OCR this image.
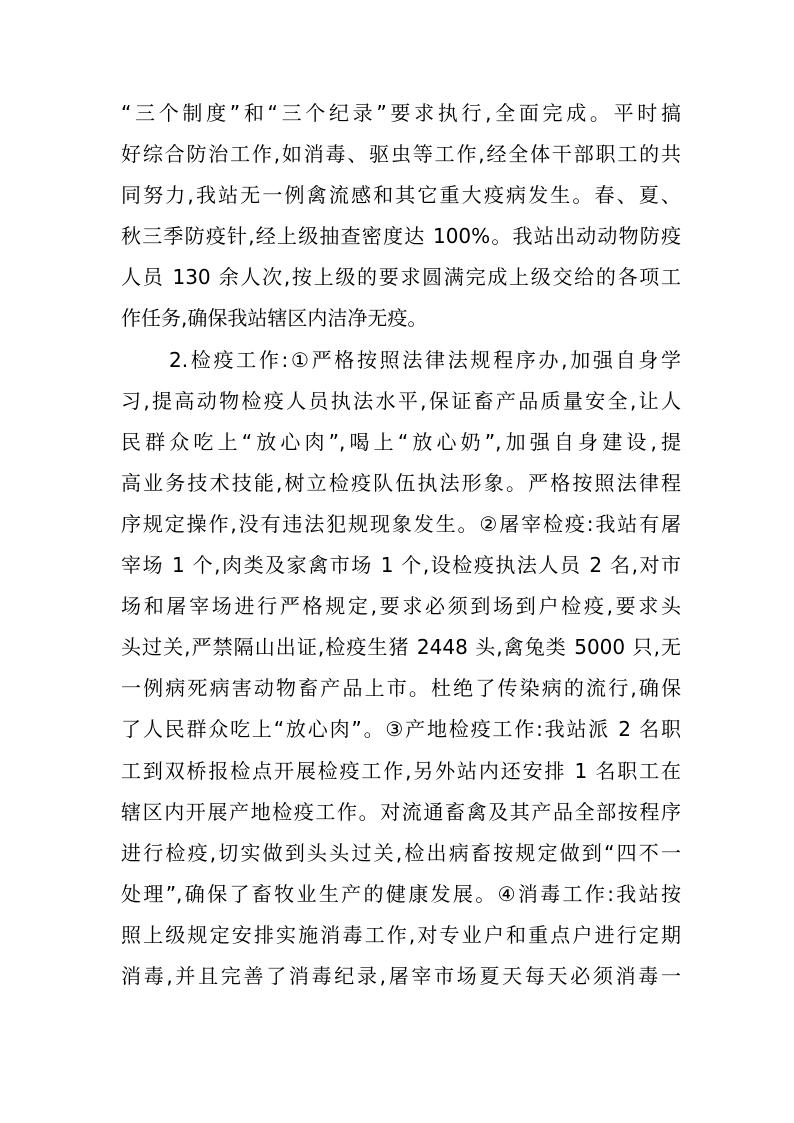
“三个制度”和“三个纪录”要求执行,全面完成。平时搞
好综合防治工作,如消毒、驱虫等工作,经全体干部职工的共
同努力,我站无一例禽流感和其它重大疫病发生。春、夏、
秋三季防疫针,经上级抽查密度达 100%。我站出动动物防疫
人员 130 余人次,按上级的要求圆满完成上级交给的各项工
作任务,确保我站辖区内洁净无疫。
2.检疫工作:①严格按照法律法规程序办,加强自身学
习,提高动物检疫人员执法水平,保证畜产品质量安全,让人
民群众吃上“放心肉”,喝上“放心奶”,加强自身建设,提
高业务技术技能,树立检疫队伍执法形象。严格按照法律程
序规定操作,没有违法犯规现象发生。②屠宰检疫:我站有屠
宰场 1 个,肉类及家禽市场 1 个,设检疫执法人员 2 名,对市
场和屠宰场进行严格规定,要求必须到场到户检疫,要求头
头过关,严禁隔山出证,检疫生猪 2448 头,禽兔类 5000 只,无
一例病死病害动物畜产品上市。杜绝了传染病的流行,确保
了人民群众吃上“放心肉”。③产地检疫工作:我站派 2 名职
工到双桥报检点开展检疫工作,另外站内还安排 1 名职工在
辖区内开展产地检疫工作。对流通畜禽及其产品全部按程序
进行检疫,切实做到头头过关,检出病畜按规定做到“四不一
处理”,确保了畜牧业生产的健康发展。④消毒工作:我站按
照上级规定安排实施消毒工作,对专业户和重点户进行定期
消毒,并且完善了消毒纪录,屠宰市场夏天每天必须消毒一
